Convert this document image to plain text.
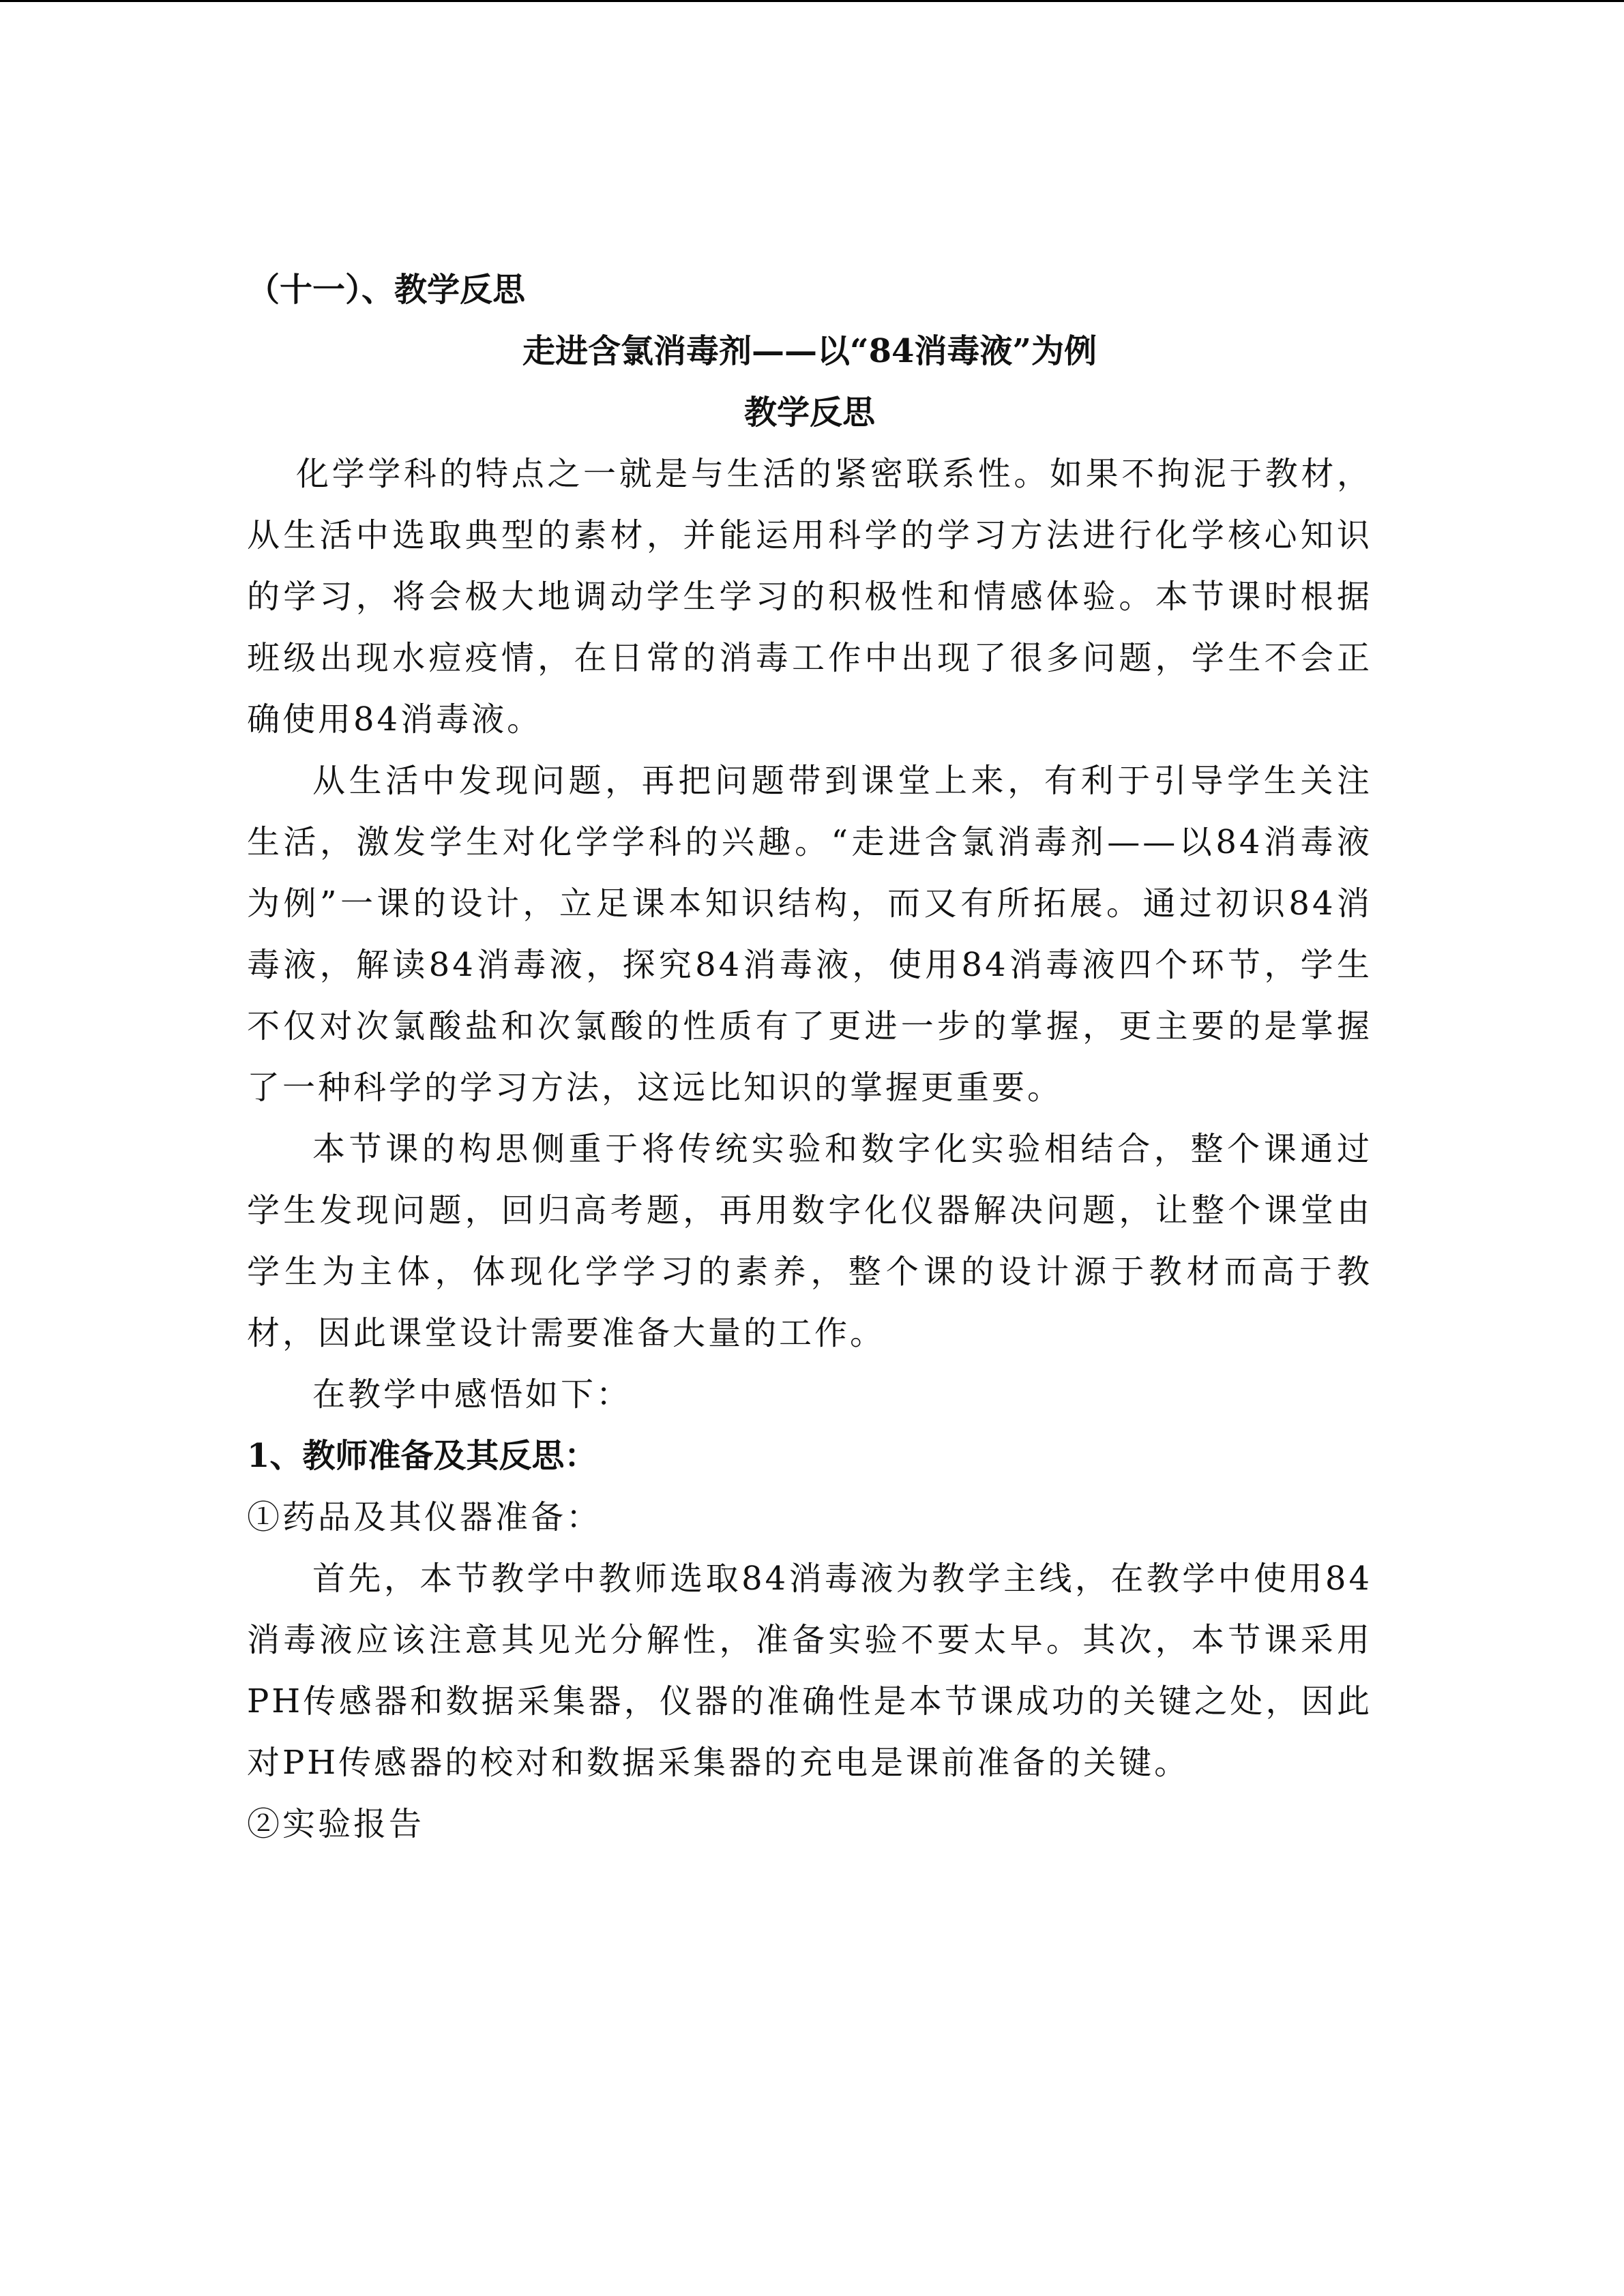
（十一）、教学反思

走进含氯消毒剂——以“84消毒液”为例

教学反思

化学学科的特点之一就是与生活的紧密联系性。如果不拘泥于教材，从生活中选取典型的素材，并能运用科学的学习方法进行化学核心知识的学习，将会极大地调动学生学习的积极性和情感体验。本节课时根据班级出现水痘疫情，在日常的消毒工作中出现了很多问题，学生不会正确使用84消毒液。

从生活中发现问题，再把问题带到课堂上来，有利于引导学生关注生活，激发学生对化学学科的兴趣。“走进含氯消毒剂——以84消毒液为例”一课的设计，立足课本知识结构，而又有所拓展。通过初识84消毒液，解读84消毒液，探究84消毒液，使用84消毒液四个环节，学生不仅对次氯酸盐和次氯酸的性质有了更进一步的掌握，更主要的是掌握了一种科学的学习方法，这远比知识的掌握更重要。

本节课的构思侧重于将传统实验和数字化实验相结合，整个课通过学生发现问题，回归高考题，再用数字化仪器解决问题，让整个课堂由学生为主体，体现化学学习的素养，整个课的设计源于教材而高于教材，因此课堂设计需要准备大量的工作。

在教学中感悟如下：

1、教师准备及其反思：

①药品及其仪器准备：

首先，本节教学中教师选取84消毒液为教学主线，在教学中使用84消毒液应该注意其见光分解性，准备实验不要太早。其次，本节课采用PH传感器和数据采集器，仪器的准确性是本节课成功的关键之处，因此对PH传感器的校对和数据采集器的充电是课前准备的关键。

②实验报告
